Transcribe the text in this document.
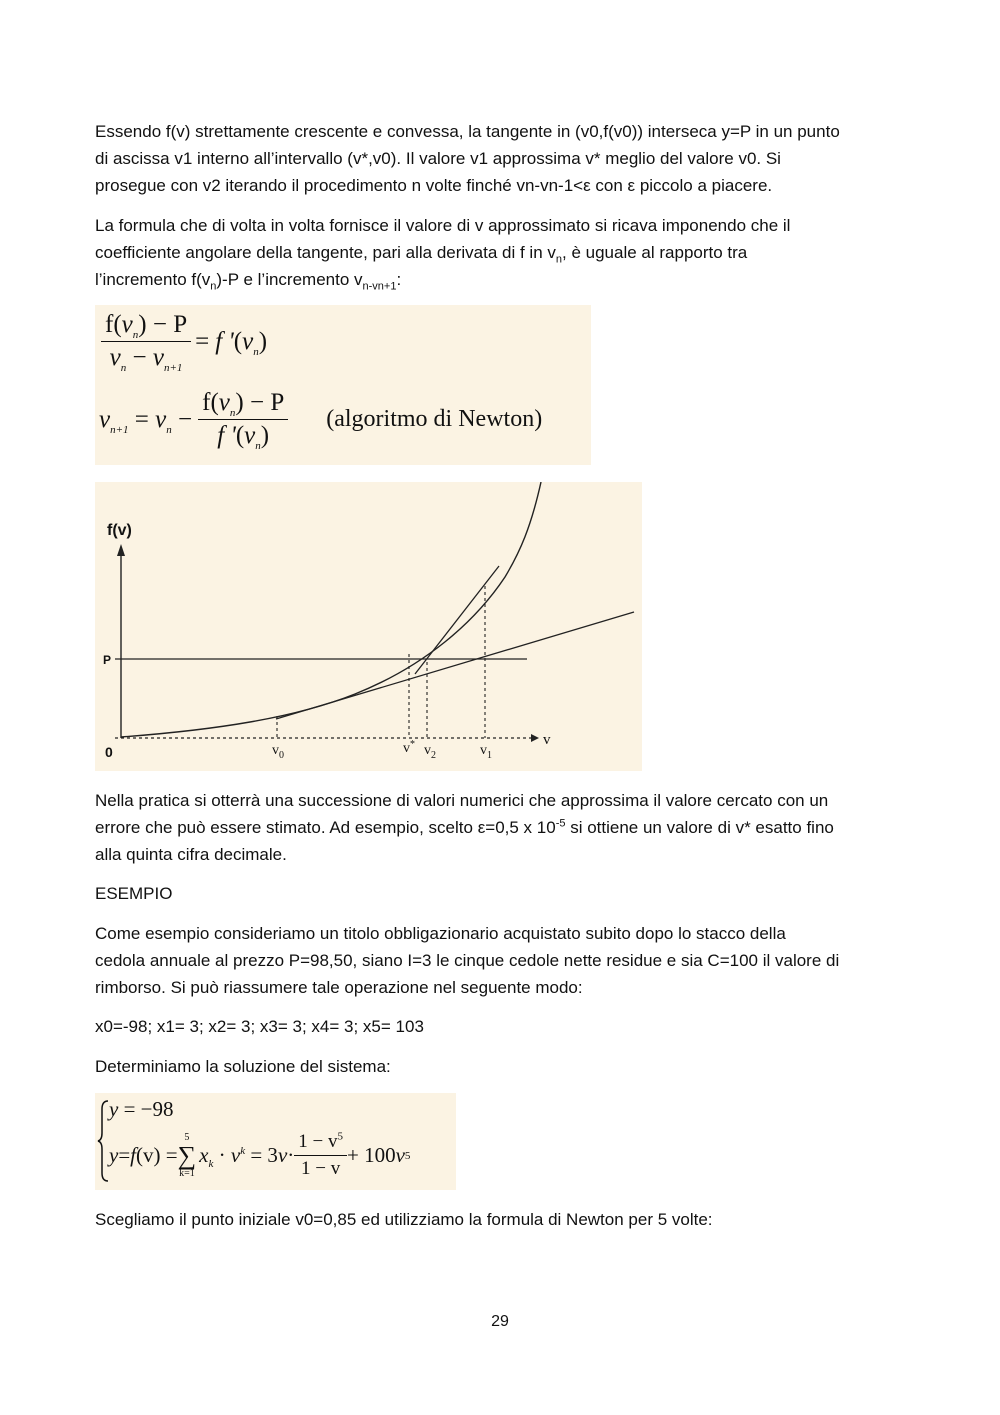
Essendo f(v) strettamente crescente e convessa, la tangente in (v0,f(v0)) interseca y=P in un punto
di ascissa v1 interno all’intervallo (v*,v0). Il valore v1 approssima v* meglio del valore v0. Si
prosegue con v2 iterando il procedimento n volte finché vn-vn-1<ε con ε piccolo a piacere.

La formula che di volta in volta fornisce il valore di v approssimato si ricava imponendo che il
coefficiente angolare della tangente, pari alla derivata di f in $v_n$, è uguale al rapporto tra
l’incremento $f(v_n)-P$ e l’incremento $v_{n-vn+1}$:

$\frac{f(v_n) - P}{v_n - v_{n+1}} = f$ '$(v_n)$
$v_{n+1} = v_n - \frac{f(v_n) - P}{f '(v_n)}$ (algoritmo di Newton)
f(v)
v
P
0	$v_0$	v* $v_2$	$v_1$

Nella pratica si otterrà una successione di valori numerici che approssima il valore cercato con un
errore che può essere stimato. Ad esempio, scelto ε=0,5 x $10^{-5}$ si ottiene un valore di v* esatto fino
alla quinta cifra decimale.

ESEMPIO

Come esempio consideriamo un titolo obbligazionario acquistato subito dopo lo stacco della
cedola annuale al prezzo P=98,50, siano I=3 le cinque cedole nette residue e sia C=100 il valore di
rimborso. Si può riassumere tale operazione nel seguente modo:

x0=-98; x1= 3; x2= 3; x3= 3; x4= 3; x5= 103

Determiniamo la soluzione del sistema:

y = −98
y = f (v) =
5
∑
k=1
$x_k \cdot v^k = 3v\cdot \frac{1 - v^5}{1 - v} + 100$ v 5

Scegliamo il punto iniziale v0=0,85 ed utilizziamo la formula di Newton per 5 volte:

29
